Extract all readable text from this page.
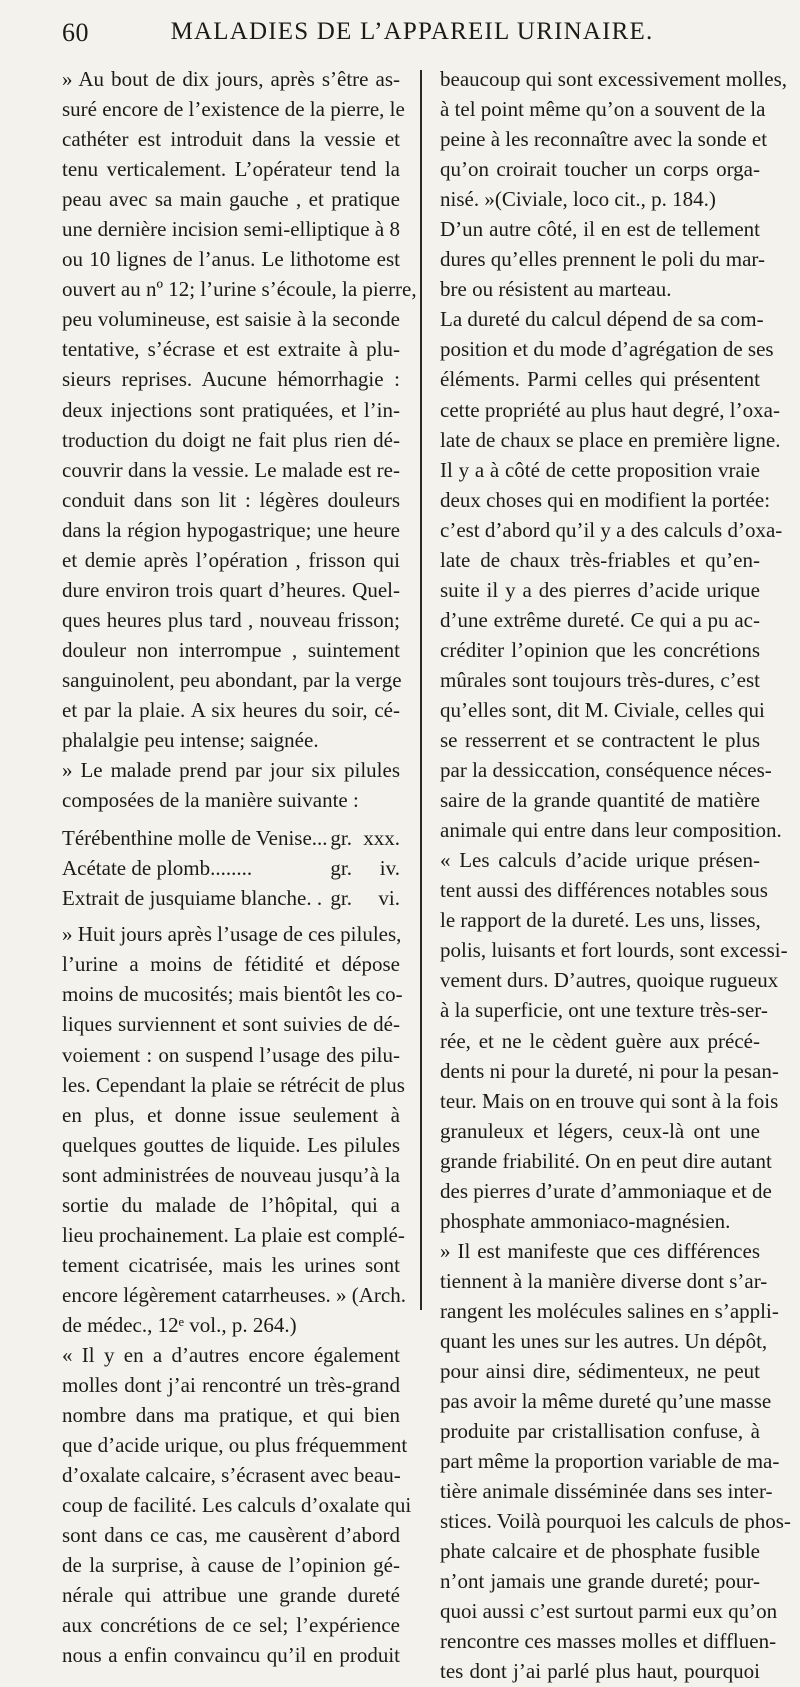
60	MALADIES DE L’APPAREIL URINAIRE.
» Au bout de dix jours, après s’être as-
suré encore de l’existence de la pierre, le
cathéter est introduit dans la vessie et
tenu verticalement. L’opérateur tend la
peau avec sa main gauche , et pratique
une dernière incision semi-elliptique à 8
ou 10 lignes de l’anus. Le lithotome est
ouvert au nº 12; l’urine s’écoule, la pierre,
peu volumineuse, est saisie à la seconde
tentative, s’écrase et est extraite à plu-
sieurs reprises. Aucune hémorrhagie :
deux injections sont pratiquées, et l’in-
troduction du doigt ne fait plus rien dé-
couvrir dans la vessie. Le malade est re-
conduit dans son lit : légères douleurs
dans la région hypogastrique; une heure
et demie après l’opération , frisson qui
dure environ trois quart d’heures. Quel-
ques heures plus tard , nouveau frisson;
douleur non interrompue , suintement
sanguinolent, peu abondant, par la verge
et par la plaie. A six heures du soir, cé-
phalalgie peu intense; saignée.
» Le malade prend par jour six pilules
composées de la manière suivante :
Térébenthine molle de Venise... gr. xxx.
Acétate de plomb........	gr. iv.
Extrait de jusquiame blanche. . gr. vi.
» Huit jours après l’usage de ces pilules,
l’urine a moins de fétidité et dépose
moins de mucosités; mais bientôt les co-
liques surviennent et sont suivies de dé-
voiement : on suspend l’usage des pilu-
les. Cependant la plaie se rétrécit de plus
en plus, et donne issue seulement à
quelques gouttes de liquide. Les pilules
sont administrées de nouveau jusqu’à la
sortie du malade de l’hôpital, qui a
lieu prochainement. La plaie est complé-
tement cicatrisée, mais les urines sont
encore légèrement catarrheuses. » (Arch.
de médec., 12ᵉ vol., p. 264.)
« Il y en a d’autres encore également
molles dont j’ai rencontré un très-grand
nombre dans ma pratique, et qui bien
que d’acide urique, ou plus fréquemment
d’oxalate calcaire, s’écrasent avec beau-
coup de facilité. Les calculs d’oxalate qui
sont dans ce cas, me causèrent d’abord
de la surprise, à cause de l’opinion gé-
nérale qui attribue une grande dureté
aux concrétions de ce sel; l’expérience
nous a enfin convaincu qu’il en produit
beaucoup qui sont excessivement molles,
à tel point même qu’on a souvent de la
peine à les reconnaître avec la sonde et
qu’on croirait toucher un corps orga-
nisé. »(Civiale, loco cit., p. 184.)
D’un autre côté, il en est de tellement
dures qu’elles prennent le poli du mar-
bre ou résistent au marteau.
La dureté du calcul dépend de sa com-
position et du mode d’agrégation de ses
éléments. Parmi celles qui présentent
cette propriété au plus haut degré, l’oxa-
late de chaux se place en première ligne.
Il y a à côté de cette proposition vraie
deux choses qui en modifient la portée:
c’est d’abord qu’il y a des calculs d’oxa-
late de chaux très-friables et qu’en-
suite il y a des pierres d’acide urique
d’une extrême dureté. Ce qui a pu ac-
créditer l’opinion que les concrétions
mûrales sont toujours très-dures, c’est
qu’elles sont, dit M. Civiale, celles qui
se resserrent et se contractent le plus
par la dessiccation, conséquence néces-
saire de la grande quantité de matière
animale qui entre dans leur composition.
« Les calculs d’acide urique présen-
tent aussi des différences notables sous
le rapport de la dureté. Les uns, lisses,
polis, luisants et fort lourds, sont excessi-
vement durs. D’autres, quoique rugueux
à la superficie, ont une texture très-ser-
rée, et ne le cèdent guère aux précé-
dents ni pour la dureté, ni pour la pesan-
teur. Mais on en trouve qui sont à la fois
granuleux et légers, ceux-là ont une
grande friabilité. On en peut dire autant
des pierres d’urate d’ammoniaque et de
phosphate ammoniaco-magnésien.
» Il est manifeste que ces différences
tiennent à la manière diverse dont s’ar-
rangent les molécules salines en s’appli-
quant les unes sur les autres. Un dépôt,
pour ainsi dire, sédimenteux, ne peut
pas avoir la même dureté qu’une masse
produite par cristallisation confuse, à
part même la proportion variable de ma-
tière animale disséminée dans ses inter-
stices. Voilà pourquoi les calculs de phos-
phate calcaire et de phosphate fusible
n’ont jamais une grande dureté; pour-
quoi aussi c’est surtout parmi eux qu’on
rencontre ces masses molles et diffluen-
tes dont j’ai parlé plus haut, pourquoi
